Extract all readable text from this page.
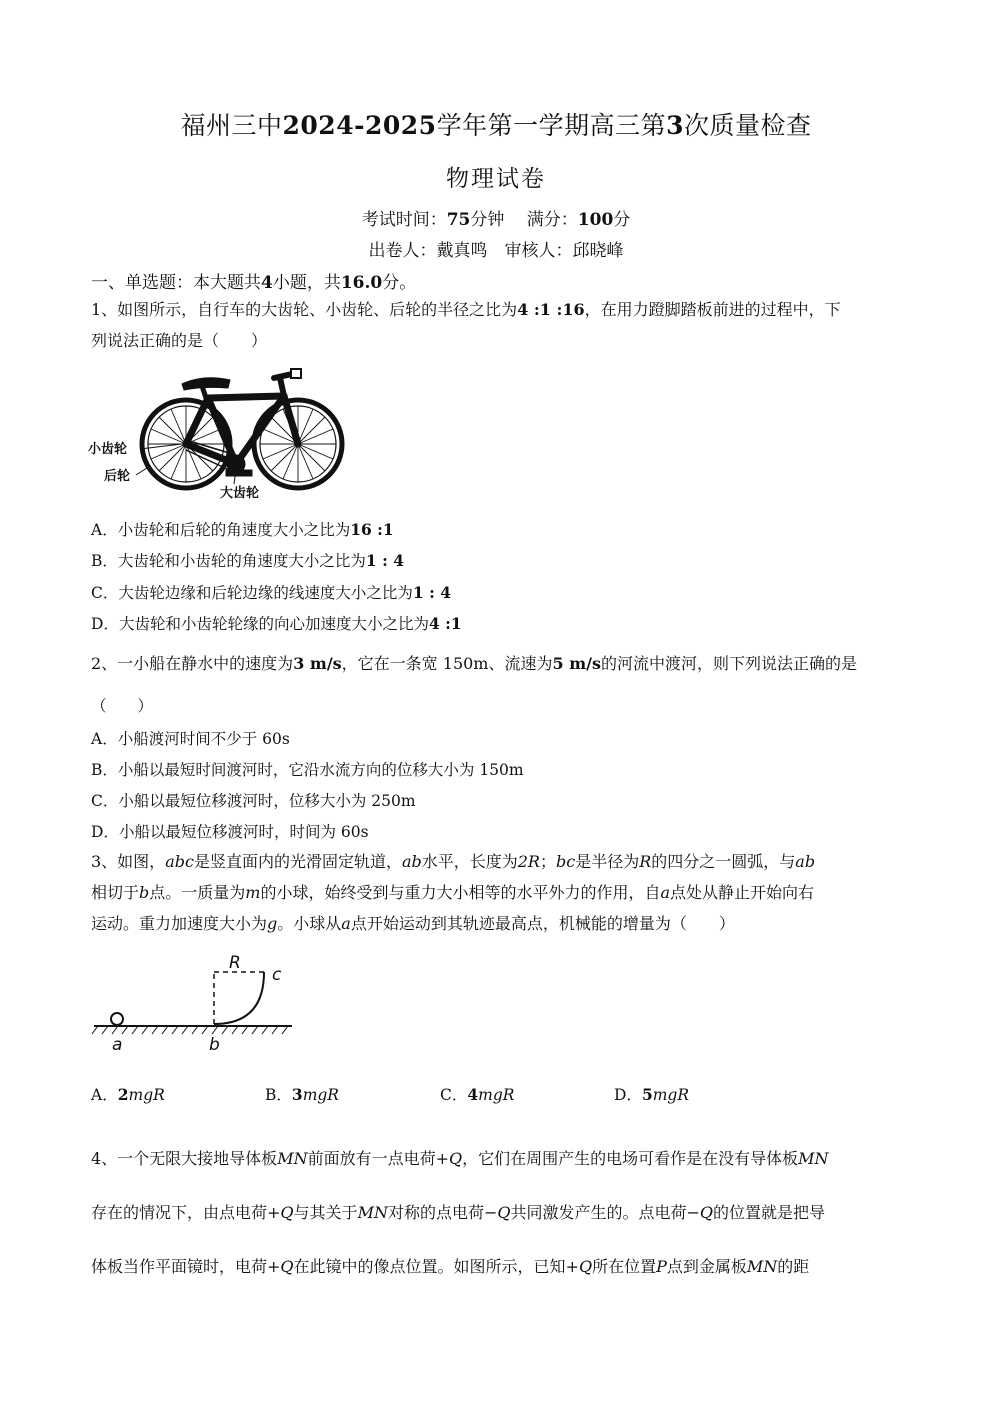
福州三中2024-2025学年第一学期高三第3次质量检查
物理试卷
考试时间：75分钟　 满分：100分
出卷人：戴真鸣　审核人：邱晓峰
一、单选题：本大题共4小题，共16.0分。
1、如图所示，自行车的大齿轮、小齿轮、后轮的半径之比为4 :1 :16，在用力蹬脚踏板前进的过程中，下
列说法正确的是（　　）
小齿轮
后轮
大齿轮
A．小齿轮和后轮的角速度大小之比为16 :1
B．大齿轮和小齿轮的角速度大小之比为1 : 4
C．大齿轮边缘和后轮边缘的线速度大小之比为1 : 4
D．大齿轮和小齿轮轮缘的向心加速度大小之比为4 :1
2、一小船在静水中的速度为3 m/s，它在一条宽 150m、流速为5 m/s的河流中渡河，则下列说法正确的是
（　　）
A．小船渡河时间不少于 60s
B．小船以最短时间渡河时，它沿水流方向的位移大小为 150m
C．小船以最短位移渡河时，位移大小为 250m
D．小船以最短位移渡河时，时间为 60s
3、如图，abc是竖直面内的光滑固定轨道，ab水平，长度为2R；bc是半径为R的四分之一圆弧，与ab
相切于b点。一质量为m的小球，始终受到与重力大小相等的水平外力的作用，自a点处从静止开始向右
运动。重力加速度大小为g。小球从a点开始运动到其轨迹最高点，机械能的增量为（　　）
R
c
a	b
A．2mgR	B．3mgR	C．4mgR	D．5mgR
4、一个无限大接地导体板MN前面放有一点电荷+Q，它们在周围产生的电场可看作是在没有导体板MN
存在的情况下，由点电荷+Q与其关于MN对称的点电荷−Q共同激发产生的。点电荷−Q的位置就是把导
体板当作平面镜时，电荷+Q在此镜中的像点位置。如图所示，已知+Q所在位置P点到金属板MN的距
